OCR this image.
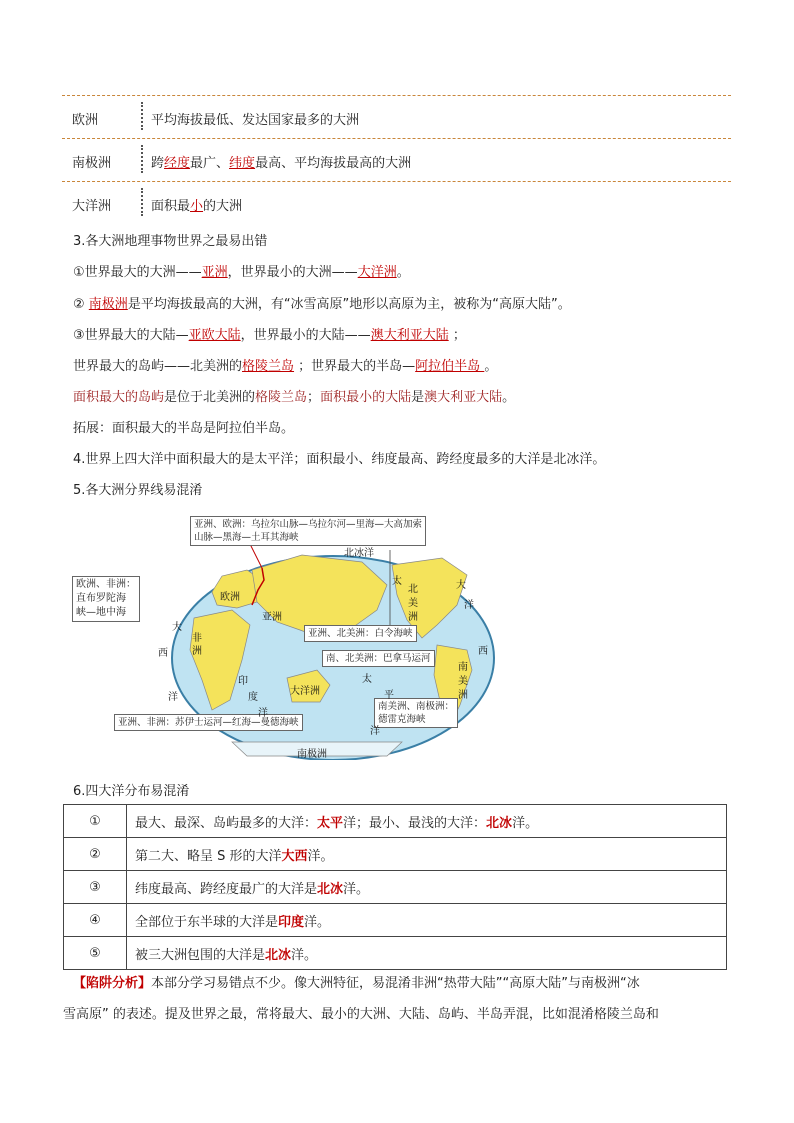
欧洲	平均海拔最低、发达国家最多的大洲
南极洲	跨经度最广、纬度最高、平均海拔最高的大洲
大洋洲	面积最小的大洲
3.各大洲地理事物世界之最易出错
①世界最大的大洲——亚洲，世界最小的大洲——大洋洲。
② 南极洲是平均海拔最高的大洲，有“冰雪高原”地形以高原为主，被称为“高原大陆”。
③世界最大的大陆—亚欧大陆，世界最小的大陆——澳大利亚大陆 ；
世界最大的岛屿——北美洲的格陵兰岛 ；世界最大的半岛—阿拉伯半岛 。
面积最大的岛屿是位于北美洲的格陵兰岛；面积最小的大陆是澳大利亚大陆。
拓展：面积最大的半岛是阿拉伯半岛。
4.世界上四大洋中面积最大的是太平洋；面积最小、纬度最高、跨经度最多的大洋是北冰洋。
5.各大洲分界线易混淆
亚洲、欧洲：乌拉尔山脉—乌拉尔河—里海—大高加索
山脉—黑海—土耳其海峡
欧洲、非洲：
直布罗陀海
峡—地中海
亚洲、北美洲：白令海峡
南、北美洲：巴拿马运河
亚洲、非洲：苏伊士运河—红海—曼德海峡
南美洲、南极洲：
德雷克海峡
欧洲
亚洲
非洲
大洋洲
南极洲
北冰洋
北
美
洲
南
美
洲
大
西
洋
太
印
度
洋
大
西
洋
洋
平
太
6.四大洋分布易混淆
①	最大、最深、岛屿最多的大洋：太平洋；最小、最浅的大洋：北冰洋。
②	第二大、略呈 S 形的大洋大西洋。
③	纬度最高、跨经度最广的大洋是北冰洋。
④	全部位于东半球的大洋是印度洋。
⑤	被三大洲包围的大洋是北冰洋。
【陷阱分析】本部分学习易错点不少。像大洲特征，易混淆非洲“热带大陆”“高原大陆”与南极洲“冰
雪高原” 的表述。提及世界之最，常将最大、最小的大洲、大陆、岛屿、半岛弄混，比如混淆格陵兰岛和
